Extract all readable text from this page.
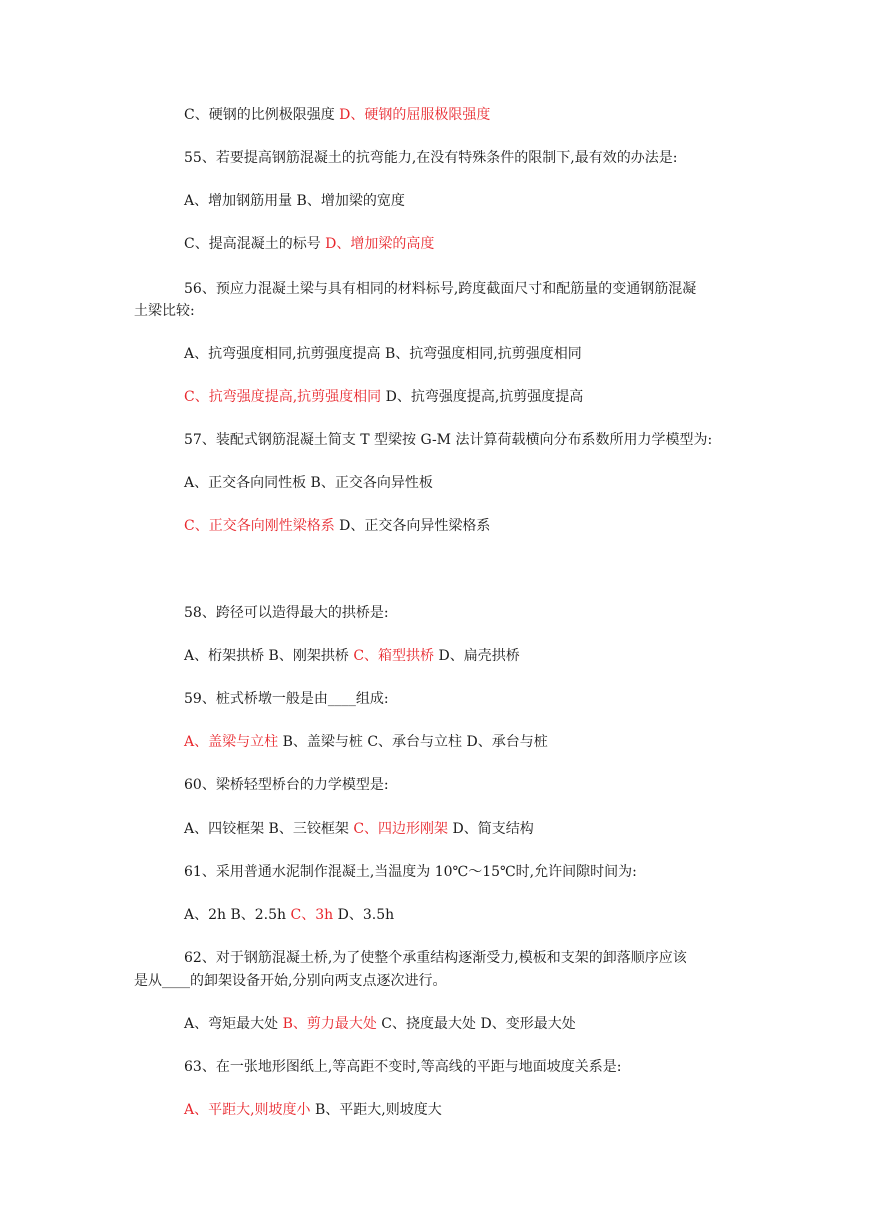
C、硬钢的比例极限强度 D、硬钢的屈服极限强度
55、若要提高钢筋混凝土的抗弯能力,在没有特殊条件的限制下,最有效的办法是:
A、增加钢筋用量 B、增加梁的宽度
C、提高混凝土的标号 D、增加梁的高度
56、预应力混凝土梁与具有相同的材料标号,跨度截面尺寸和配筋量的变通钢筋混凝
土梁比较:
A、抗弯强度相同,抗剪强度提高 B、抗弯强度相同,抗剪强度相同
C、抗弯强度提高,抗剪强度相同 D、抗弯强度提高,抗剪强度提高
57、装配式钢筋混凝土简支 T 型梁按 G-M 法计算荷载横向分布系数所用力学模型为:
A、正交各向同性板 B、正交各向异性板
C、正交各向刚性梁格系 D、正交各向异性梁格系
58、跨径可以造得最大的拱桥是:
A、桁架拱桥 B、刚架拱桥 C、箱型拱桥 D、扁壳拱桥
59、桩式桥墩一般是由____组成:
A、盖梁与立柱 B、盖梁与桩 C、承台与立柱 D、承台与桩
60、梁桥轻型桥台的力学模型是:
A、四铰框架 B、三铰框架 C、四边形刚架 D、简支结构
61、采用普通水泥制作混凝土,当温度为 10℃～15℃时,允许间隙时间为:
A、2h B、2.5h C、3h D、3.5h
62、对于钢筋混凝土桥,为了使整个承重结构逐渐受力,模板和支架的卸落顺序应该
是从____的卸架设备开始,分别向两支点逐次进行。
A、弯矩最大处 B、剪力最大处 C、挠度最大处 D、变形最大处
63、在一张地形图纸上,等高距不变时,等高线的平距与地面坡度关系是:
A、平距大,则坡度小 B、平距大,则坡度大
